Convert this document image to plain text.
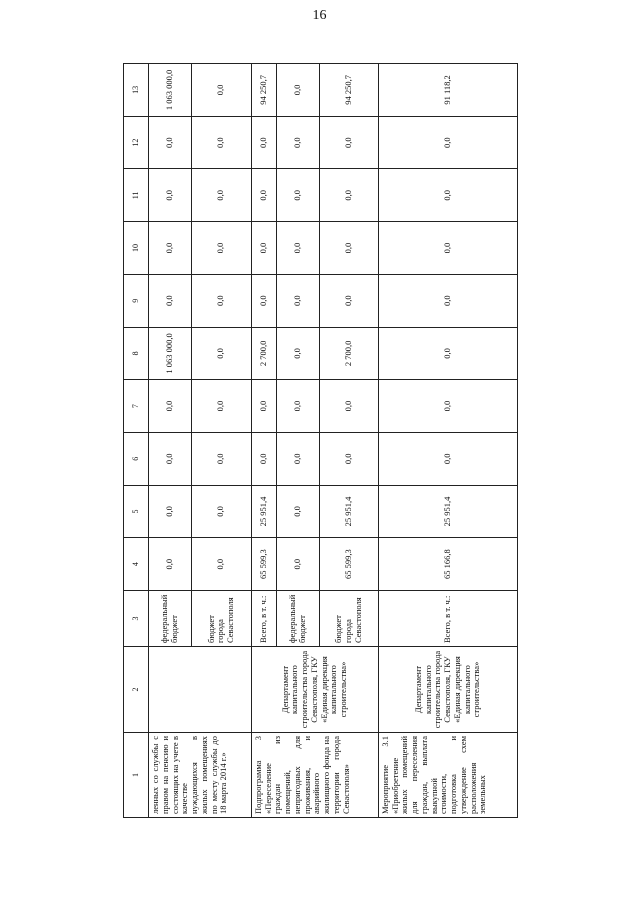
16
1	2	3	4	5	6	7	8	9	10	11	12	13
ленных со службы с правом на пенсию и состоящих на учете в качестве нуждающихся в жилых помещениях по месту службы до 18 марта 2014 г.»		федеральный бюджет	0,0	0,0	0,0	0,0	1 063 000,0	0,0	0,0	0,0	0,0	1 063 000,0
		бюджет города Севастополя	0,0	0,0	0,0	0,0	0,0	0,0	0,0	0,0	0,0	0,0
Подпрограмма 3 «Переселение граждан из помещений, непригодных для проживания, и аварийного жилищного фонда на территории города Севастополя»	Департамент капитального строительства города Севастополя, ГКУ «Единая дирекция капитального строительства»	Всего, в т. ч.:	65 599,3	25 951,4	0,0	0,0	2 700,0	0,0	0,0	0,0	0,0	94 250,7
		федеральный бюджет	0,0	0,0	0,0	0,0	0,0	0,0	0,0	0,0	0,0	0,0
		бюджет города Севастополя	65 599,3	25 951,4	0,0	0,0	2 700,0	0,0	0,0	0,0	0,0	94 250,7
Мероприятие 3.1 «Приобретение жилых помещений для переселения граждан, выплата выкупной стоимости, подготовка и утверждение схем расположения земельных	Департамент капитального строительства города Севастополя, ГКУ «Единая дирекция капитального строительства»	Всего, в т. ч.:	65 166,8	25 951,4	0,0	0,0	0,0	0,0	0,0	0,0	0,0	91 118,2
